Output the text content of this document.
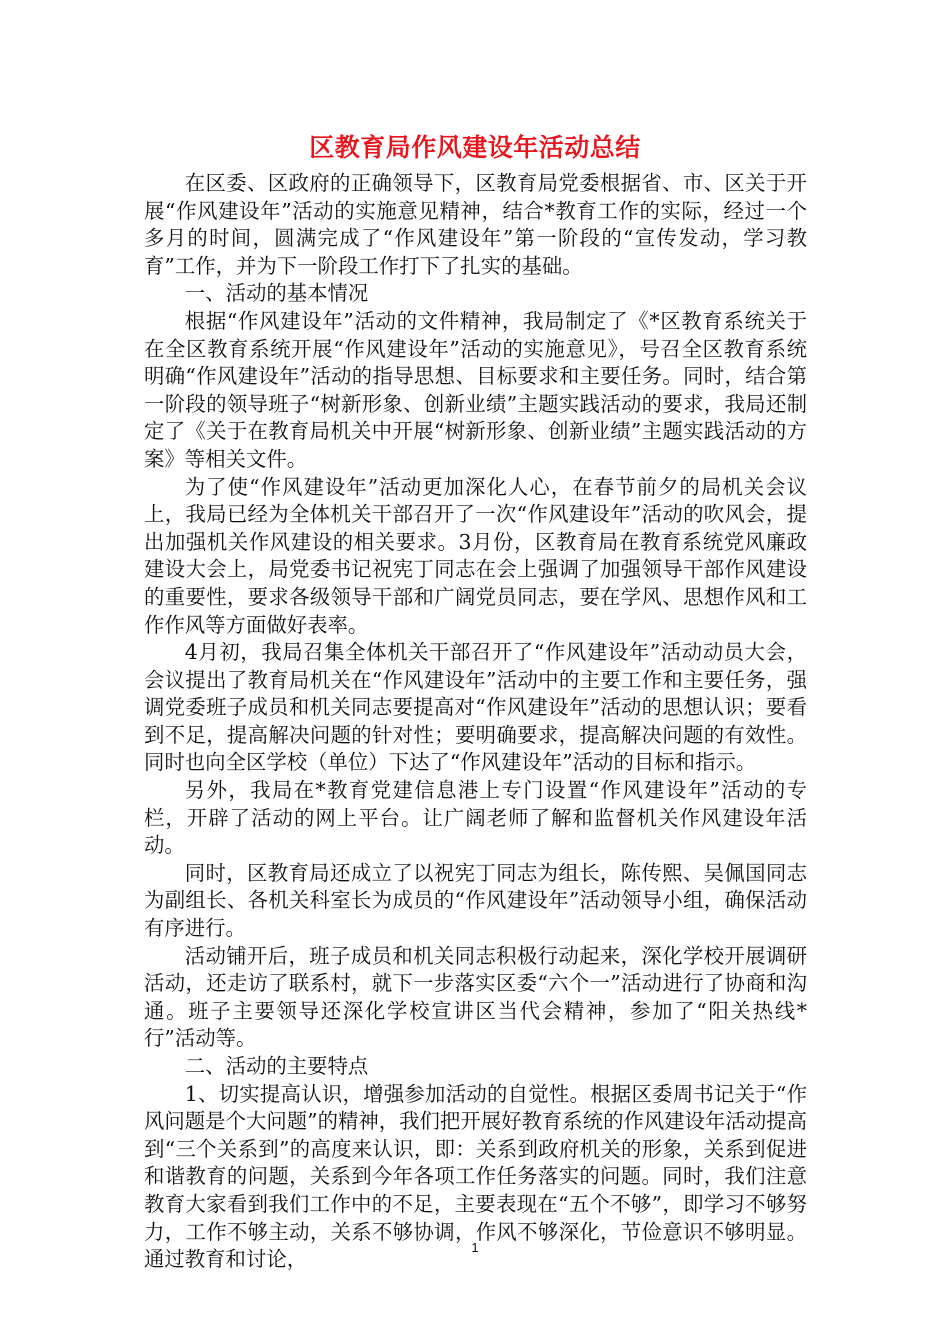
区教育局作风建设年活动总结

在区委、区政府的正确领导下，区教育局党委根据省、市、区关于开展“作风建设年”活动的实施意见精神，结合*教育工作的实际，经过一个多月的时间，圆满完成了“作风建设年”第一阶段的“宣传发动，学习教育”工作，并为下一阶段工作打下了扎实的基础。

一、活动的基本情况

根据“作风建设年”活动的文件精神，我局制定了《*区教育系统关于在全区教育系统开展“作风建设年”活动的实施意见》，号召全区教育系统明确“作风建设年”活动的指导思想、目标要求和主要任务。同时，结合第一阶段的领导班子“树新形象、创新业绩”主题实践活动的要求，我局还制定了《关于在教育局机关中开展“树新形象、创新业绩”主题实践活动的方案》等相关文件。

为了使“作风建设年”活动更加深化人心，在春节前夕的局机关会议上，我局已经为全体机关干部召开了一次“作风建设年”活动的吹风会，提出加强机关作风建设的相关要求。3月份，区教育局在教育系统党风廉政建设大会上，局党委书记祝宪丁同志在会上强调了加强领导干部作风建设的重要性，要求各级领导干部和广阔党员同志，要在学风、思想作风和工作作风等方面做好表率。

4月初，我局召集全体机关干部召开了“作风建设年”活动动员大会，会议提出了教育局机关在“作风建设年”活动中的主要工作和主要任务，强调党委班子成员和机关同志要提高对“作风建设年”活动的思想认识；要看到不足，提高解决问题的针对性；要明确要求，提高解决问题的有效性。同时也向全区学校（单位）下达了“作风建设年”活动的目标和指示。

另外，我局在*教育党建信息港上专门设置“作风建设年”活动的专栏，开辟了活动的网上平台。让广阔老师了解和监督机关作风建设年活动。

同时，区教育局还成立了以祝宪丁同志为组长，陈传熙、吴佩国同志为副组长、各机关科室长为成员的“作风建设年”活动领导小组，确保活动有序进行。

活动铺开后，班子成员和机关同志积极行动起来，深化学校开展调研活动，还走访了联系村，就下一步落实区委“六个一”活动进行了协商和沟通。班子主要领导还深化学校宣讲区当代会精神，参加了“阳关热线*行”活动等。

二、活动的主要特点

1、切实提高认识，增强参加活动的自觉性。根据区委周书记关于“作风问题是个大问题”的精神，我们把开展好教育系统的作风建设年活动提高到“三个关系到”的高度来认识，即：关系到政府机关的形象，关系到促进和谐教育的问题，关系到今年各项工作任务落实的问题。同时，我们注意教育大家看到我们工作中的不足，主要表现在“五个不够”，即学习不够努力，工作不够主动，关系不够协调，作风不够深化，节俭意识不够明显。通过教育和讨论，	1
